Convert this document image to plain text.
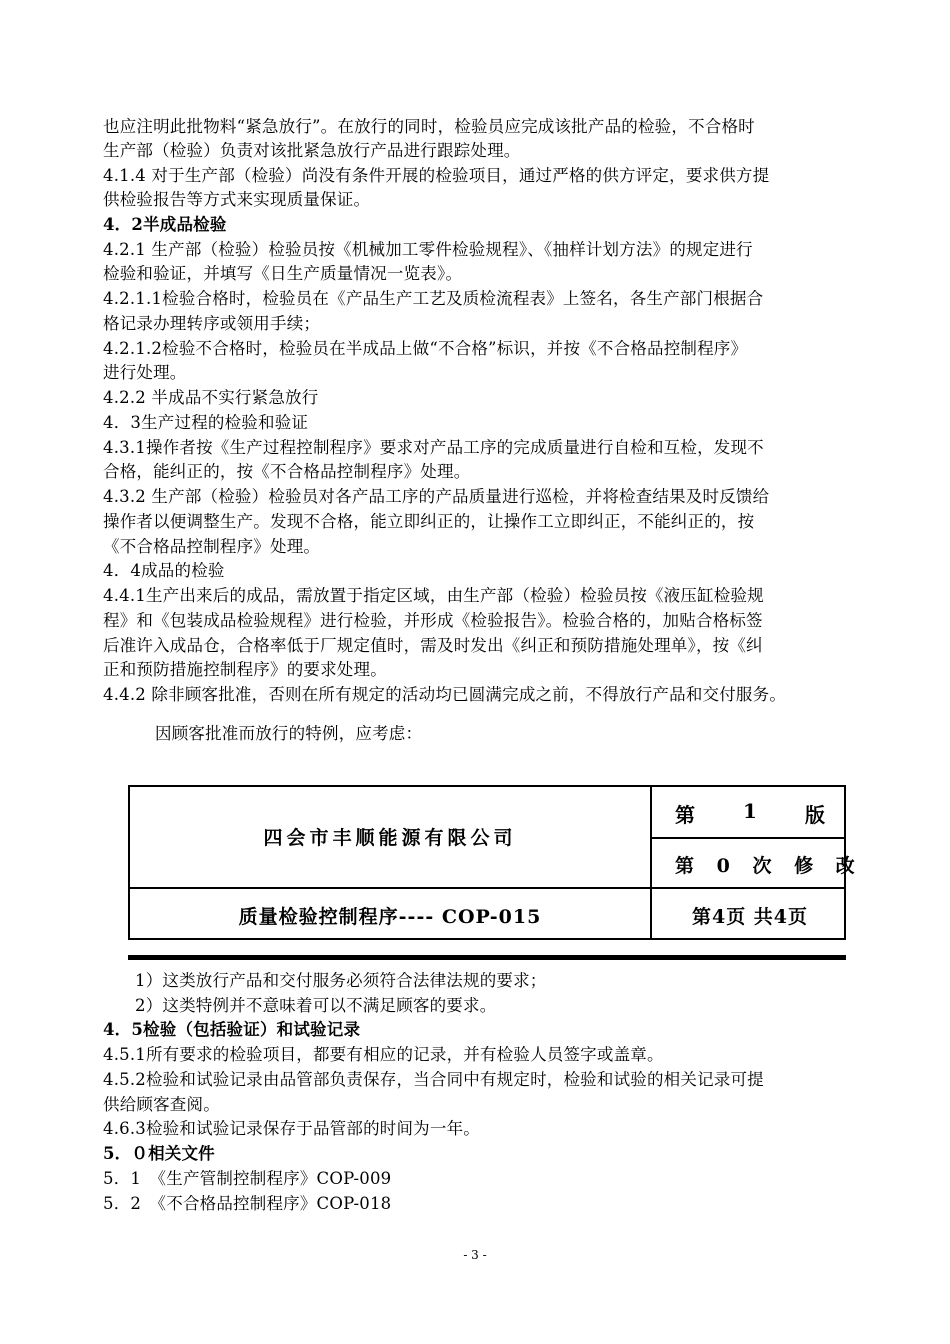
也应注明此批物料“紧急放行”。在放行的同时，检验员应完成该批产品的检验，不合格时
生产部（检验）负责对该批紧急放行产品进行跟踪处理。
4.1.4 对于生产部（检验）尚没有条件开展的检验项目，通过严格的供方评定，要求供方提
供检验报告等方式来实现质量保证。
4．2半成品检验
4.2.1 生产部（检验）检验员按《机械加工零件检验规程》、《抽样计划方法》的规定进行
检验和验证，并填写《日生产质量情况一览表》。
4.2.1.1检验合格时，检验员在《产品生产工艺及质检流程表》上签名，各生产部门根据合
格记录办理转序或领用手续；
4.2.1.2检验不合格时，检验员在半成品上做“不合格”标识，并按《不合格品控制程序》
进行处理。
4.2.2 半成品不实行紧急放行
4．3生产过程的检验和验证
4.3.1操作者按《生产过程控制程序》要求对产品工序的完成质量进行自检和互检，发现不
合格，能纠正的，按《不合格品控制程序》处理。
4.3.2 生产部（检验）检验员对各产品工序的产品质量进行巡检，并将检查结果及时反馈给
操作者以便调整生产。发现不合格，能立即纠正的，让操作工立即纠正，不能纠正的，按
《不合格品控制程序》处理。
4．4成品的检验
4.4.1生产出来后的成品，需放置于指定区域，由生产部（检验）检验员按《液压缸检验规
程》和《包装成品检验规程》进行检验，并形成《检验报告》。检验合格的，加贴合格标签
后准许入成品仓，合格率低于厂规定值时，需及时发出《纠正和预防措施处理单》，按《纠
正和预防措施控制程序》的要求处理。
4.4.2 除非顾客批准，否则在所有规定的活动均已圆满完成之前，不得放行产品和交付服务。
因顾客批准而放行的特例，应考虑：
四会市丰顺能源有限公司
质量检验控制程序---- COP-015
第 1 版
第 0 次 修 改
第4页 共4页
1）这类放行产品和交付服务必须符合法律法规的要求；
2）这类特例并不意味着可以不满足顾客的要求。
4．5检验（包括验证）和试验记录
4.5.1所有要求的检验项目，都要有相应的记录，并有检验人员签字或盖章。
4.5.2检验和试验记录由品管部负责保存，当合同中有规定时，检验和试验的相关记录可提
供给顾客查阅。
4.6.3检验和试验记录保存于品管部的时间为一年。
5．０相关文件
5．1　《生产管制控制程序》COP-009
5．2　《不合格品控制程序》COP-018
- 3 -
